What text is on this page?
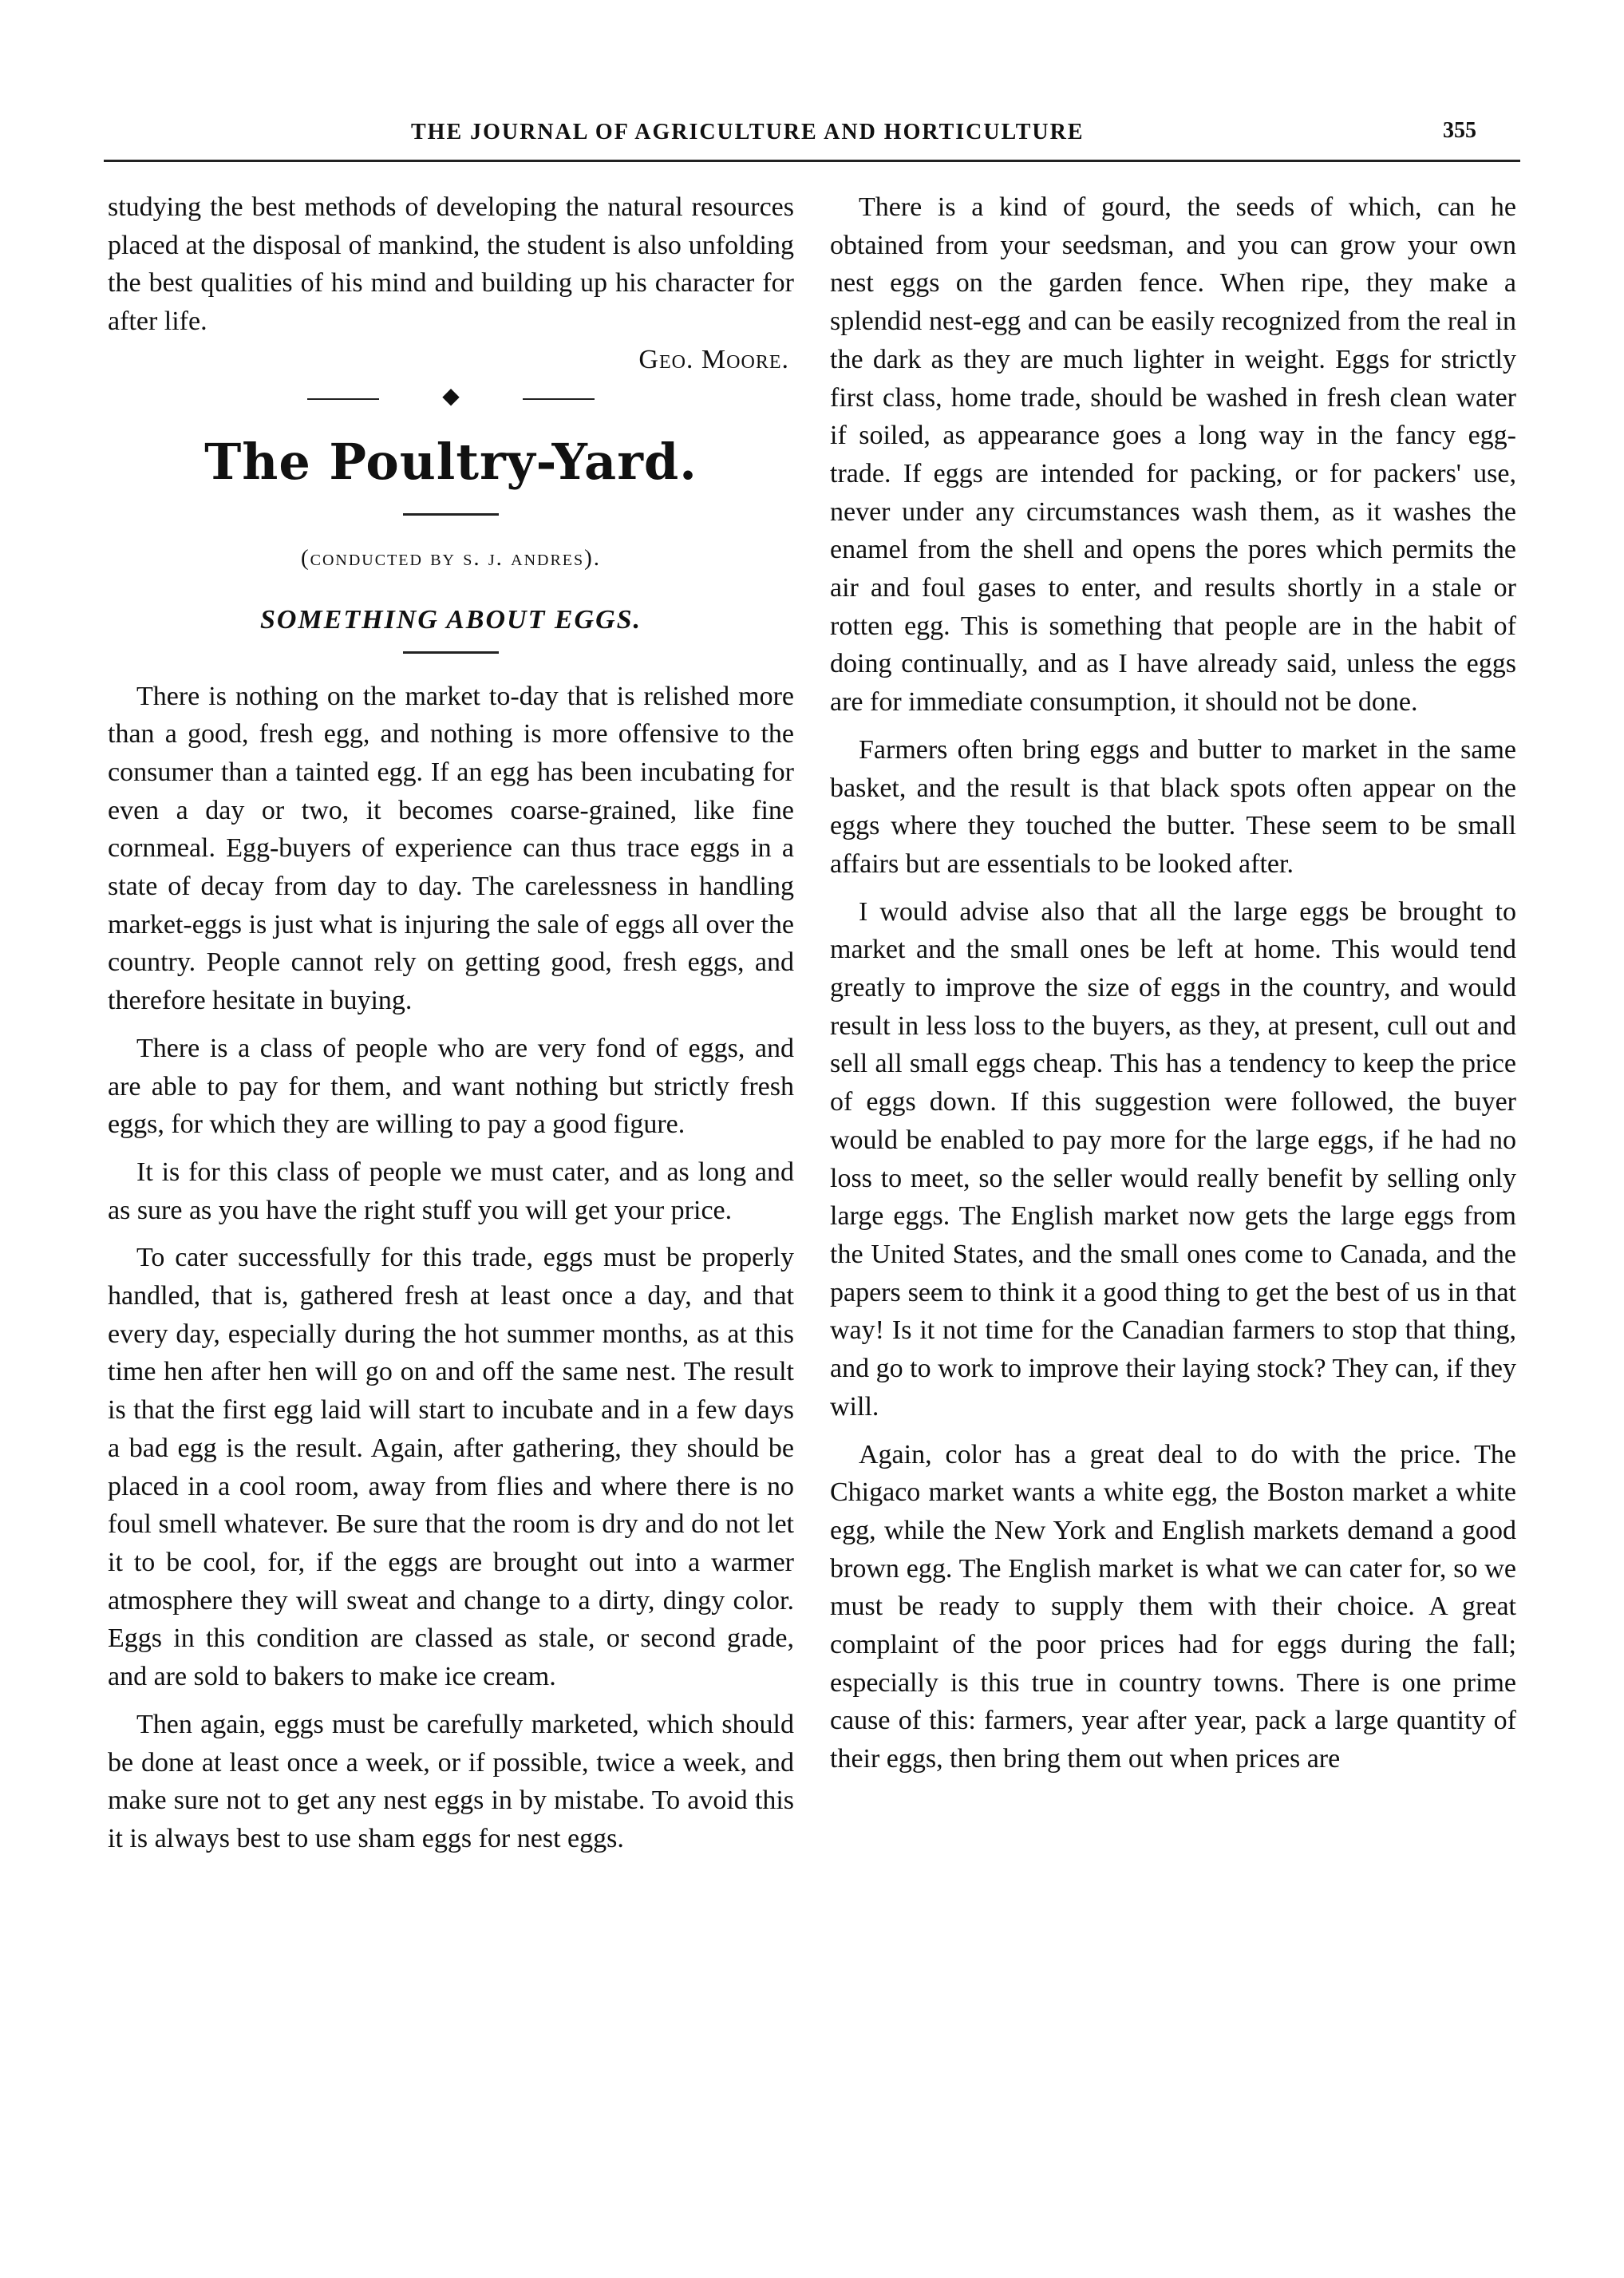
THE JOURNAL OF AGRICULTURE AND HORTICULTURE	355

studying the best methods of developing the natural resources placed at the disposal of mankind, the student is also unfolding the best qualities of his mind and building up his character for after life.

Geo. Moore.
◆
The Poultry-Yard.
(conducted by s. j. andres).
SOMETHING ABOUT EGGS.

There is nothing on the market to-day that is relished more than a good, fresh egg, and nothing is more offensive to the consumer than a tainted egg. If an egg has been incubating for even a day or two, it becomes coarse-grained, like fine cornmeal. Egg-buyers of experience can thus trace eggs in a state of decay from day to day. The carelessness in handling market-eggs is just what is injuring the sale of eggs all over the country. People cannot rely on getting good, fresh eggs, and therefore hesitate in buying.

There is a class of people who are very fond of eggs, and are able to pay for them, and want nothing but strictly fresh eggs, for which they are willing to pay a good figure.

It is for this class of people we must cater, and as long and as sure as you have the right stuff you will get your price.

To cater successfully for this trade, eggs must be properly handled, that is, gathered fresh at least once a day, and that every day, especially during the hot summer months, as at this time hen after hen will go on and off the same nest. The result is that the first egg laid will start to incubate and in a few days a bad egg is the result. Again, after gathering, they should be placed in a cool room, away from flies and where there is no foul smell whatever. Be sure that the room is dry and do not let it to be cool, for, if the eggs are brought out into a warmer atmosphere they will sweat and change to a dirty, dingy color. Eggs in this condition are classed as stale, or second grade, and are sold to bakers to make ice cream.

Then again, eggs must be carefully marketed, which should be done at least once a week, or if possible, twice a week, and make sure not to get any nest eggs in by mistabe. To avoid this it is always best to use sham eggs for nest eggs.

There is a kind of gourd, the seeds of which, can he obtained from your seedsman, and you can grow your own nest eggs on the garden fence. When ripe, they make a splendid nest-egg and can be easily recognized from the real in the dark as they are much lighter in weight. Eggs for strictly first class, home trade, should be washed in fresh clean water if soiled, as appearance goes a long way in the fancy egg-trade. If eggs are intended for packing, or for packers' use, never under any circumstances wash them, as it washes the enamel from the shell and opens the pores which permits the air and foul gases to enter, and results shortly in a stale or rotten egg. This is something that people are in the habit of doing continually, and as I have already said, unless the eggs are for immediate consumption, it should not be done.

Farmers often bring eggs and butter to market in the same basket, and the result is that black spots often appear on the eggs where they touched the butter. These seem to be small affairs but are essentials to be looked after.

I would advise also that all the large eggs be brought to market and the small ones be left at home. This would tend greatly to improve the size of eggs in the country, and would result in less loss to the buyers, as they, at present, cull out and sell all small eggs cheap. This has a tendency to keep the price of eggs down. If this suggestion were followed, the buyer would be enabled to pay more for the large eggs, if he had no loss to meet, so the seller would really benefit by selling only large eggs. The English market now gets the large eggs from the United States, and the small ones come to Canada, and the papers seem to think it a good thing to get the best of us in that way! Is it not time for the Canadian farmers to stop that thing, and go to work to improve their laying stock? They can, if they will.

Again, color has a great deal to do with the price. The Chigaco market wants a white egg, the Boston market a white egg, while the New York and English markets demand a good brown egg. The English market is what we can cater for, so we must be ready to supply them with their choice. A great complaint of the poor prices had for eggs during the fall; especially is this true in country towns. There is one prime cause of this: farmers, year after year, pack a large quantity of their eggs, then bring them out when prices are
